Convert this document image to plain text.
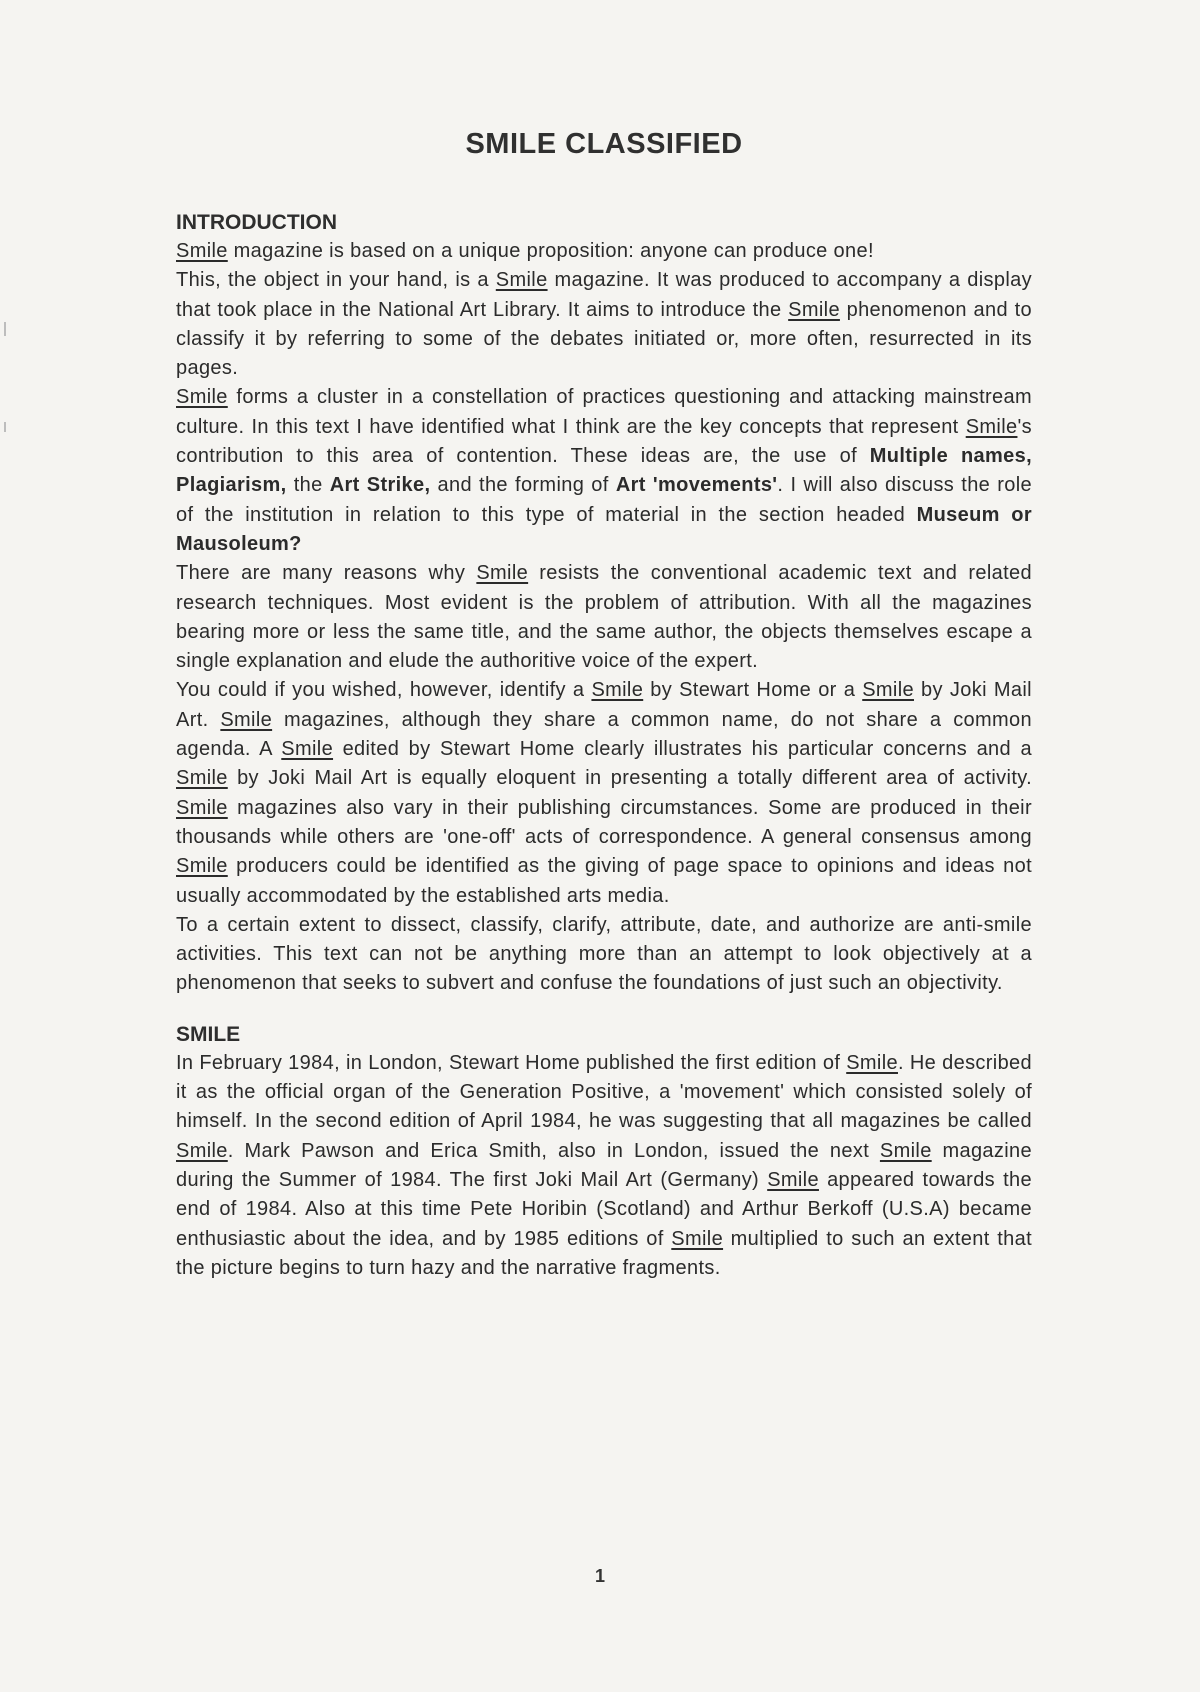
SMILE CLASSIFIED
INTRODUCTION

Smile magazine is based on a unique proposition: anyone can produce one!

This, the object in your hand, is a Smile magazine. It was produced to accompany a display that took place in the National Art Library. It aims to introduce the Smile phenomenon and to classify it by referring to some of the debates initiated or, more often, resurrected in its pages.

Smile forms a cluster in a constellation of practices questioning and attacking mainstream culture. In this text I have identified what I think are the key concepts that represent Smile's contribution to this area of contention. These ideas are, the use of Multiple names, Plagiarism, the Art Strike, and the forming of Art 'movements'. I will also discuss the role of the institution in relation to this type of material in the section headed Museum or Mausoleum?

There are many reasons why Smile resists the conventional academic text and related research techniques. Most evident is the problem of attribution. With all the magazines bearing more or less the same title, and the same author, the objects themselves escape a single explanation and elude the authoritive voice of the expert.

You could if you wished, however, identify a Smile by Stewart Home or a Smile by Joki Mail Art. Smile magazines, although they share a common name, do not share a common agenda. A Smile edited by Stewart Home clearly illustrates his particular concerns and a Smile by Joki Mail Art is equally eloquent in presenting a totally different area of activity. Smile magazines also vary in their publishing circumstances. Some are produced in their thousands while others are 'one-off' acts of correspondence. A general consensus among Smile producers could be identified as the giving of page space to opinions and ideas not usually accommodated by the established arts media.

To a certain extent to dissect, classify, clarify, attribute, date, and authorize are anti-smile activities. This text can not be anything more than an attempt to look objectively at a phenomenon that seeks to subvert and confuse the foundations of just such an objectivity.

SMILE

In February 1984, in London, Stewart Home published the first edition of Smile. He described it as the official organ of the Generation Positive, a 'movement' which consisted solely of himself. In the second edition of April 1984, he was suggesting that all magazines be called Smile. Mark Pawson and Erica Smith, also in London, issued the next Smile magazine during the Summer of 1984. The first Joki Mail Art (Germany) Smile appeared towards the end of 1984. Also at this time Pete Horibin (Scotland) and Arthur Berkoff (U.S.A) became enthusiastic about the idea, and by 1985 editions of Smile multiplied to such an extent that the picture begins to turn hazy and the narrative fragments.

1
